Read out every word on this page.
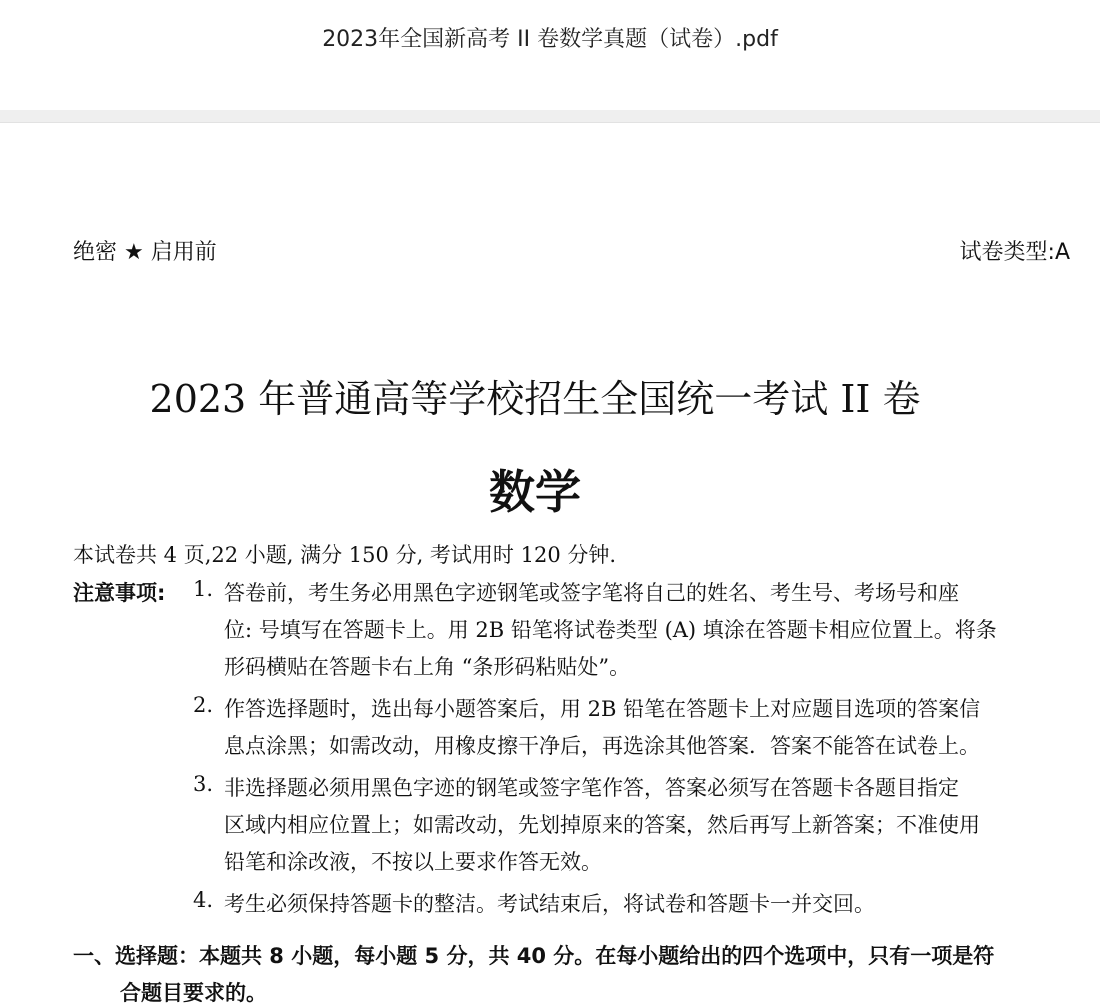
2023年全国新高考 II 卷数学真题（试卷）.pdf
绝密 ★ 启用前	试卷类型:A
2023 年普通高等学校招生全国统一考试 II 卷
数学
本试卷共 4 页,22 小题, 满分 150 分, 考试用时 120 分钟.
注意事项: 1. 答卷前，考生务必用黑色字迹钢笔或签字笔将自己的姓名、考生号、考场号和座
位: 号填写在答题卡上。用 2B 铅笔将试卷类型 (A) 填涂在答题卡相应位置上。将条
形码横贴在答题卡右上角 “条形码粘贴处”。
2. 作答选择题时，选出每小题答案后，用 2B 铅笔在答题卡上对应题目选项的答案信
息点涂黑；如需改动，用橡皮擦干净后，再选涂其他答案．答案不能答在试卷上。
3. 非选择题必须用黑色字迹的钢笔或签字笔作答，答案必须写在答题卡各题目指定
区域内相应位置上；如需改动，先划掉原来的答案，然后再写上新答案；不准使用
铅笔和涂改液，不按以上要求作答无效。
4. 考生必须保持答题卡的整洁。考试结束后，将试卷和答题卡一并交回。
一、选择题：本题共 8 小题，每小题 5 分，共 40 分。在每小题给出的四个选项中，只有一项是符
合题目要求的。
